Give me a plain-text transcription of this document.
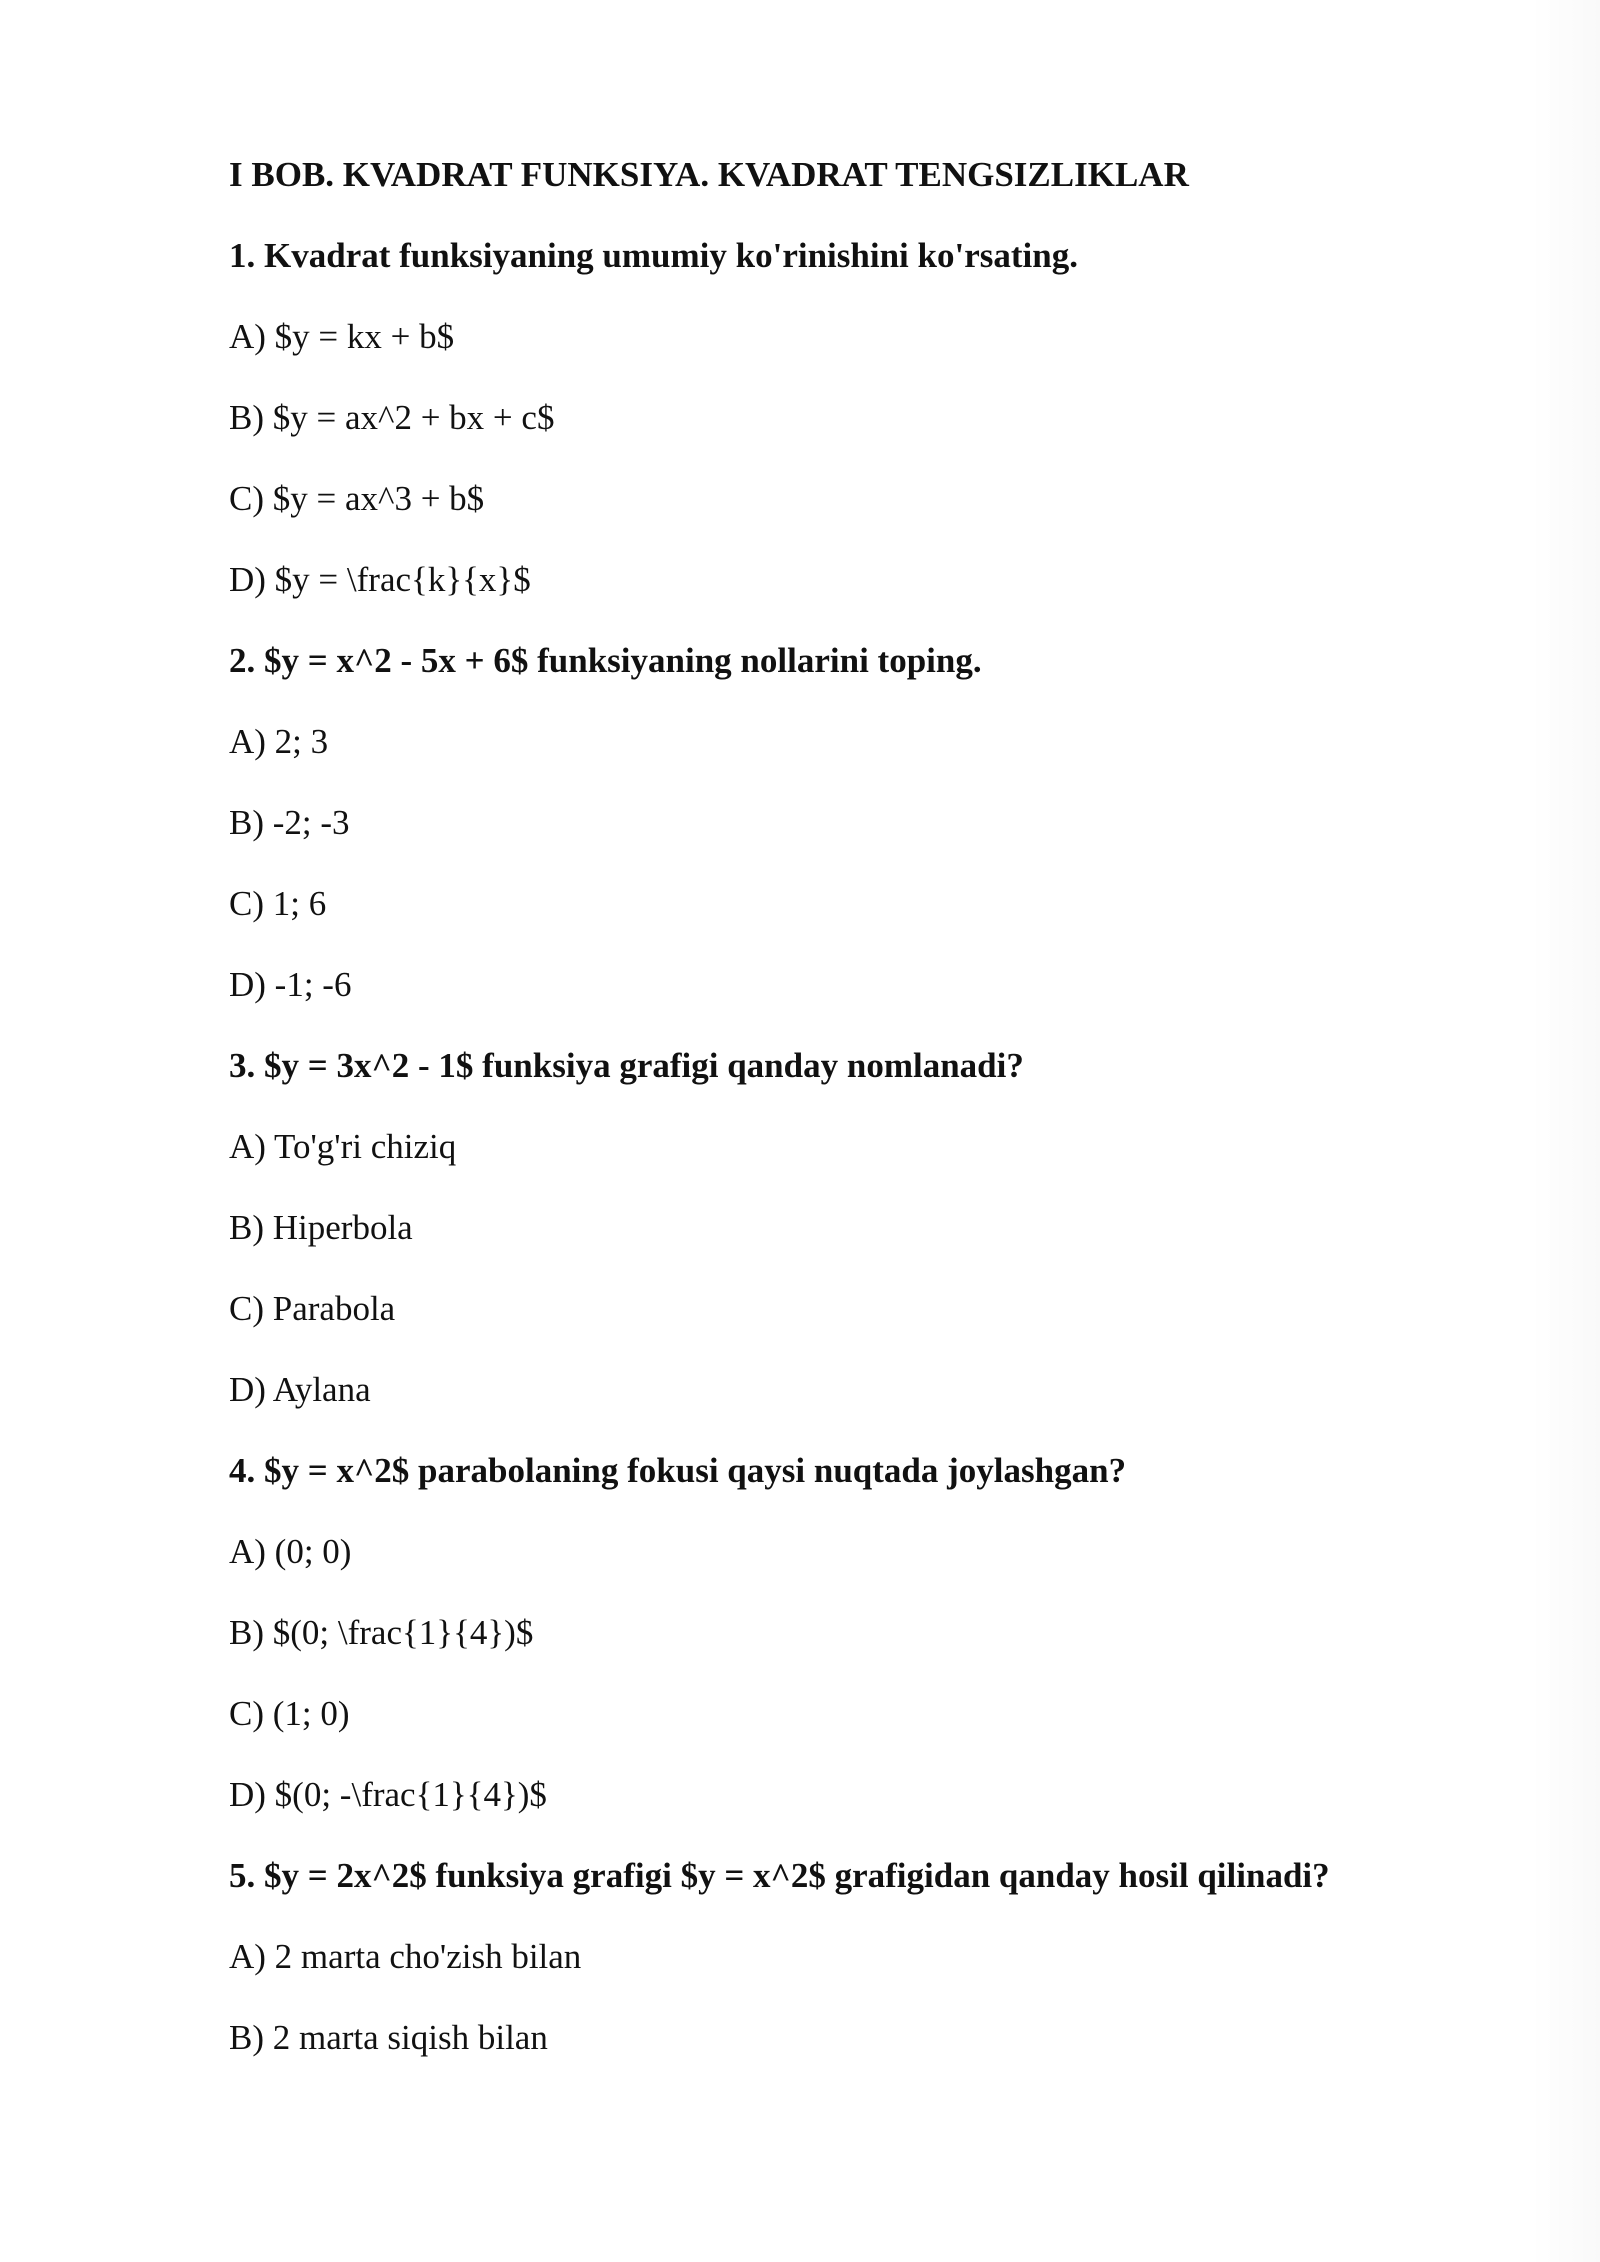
I BOB. KVADRAT FUNKSIYA. KVADRAT TENGSIZLIKLAR
1. Kvadrat funksiyaning umumiy ko'rinishini ko'rsating.
A) $y = kx + b$
B) $y = ax^2 + bx + c$
C) $y = ax^3 + b$
D) $y = \frac{k}{x}$
2. $y = x^2 - 5x + 6$ funksiyaning nollarini toping.
A) 2; 3
B) -2; -3
C) 1; 6
D) -1; -6
3. $y = 3x^2 - 1$ funksiya grafigi qanday nomlanadi?
A) To'g'ri chiziq
B) Hiperbola
C) Parabola
D) Aylana
4. $y = x^2$ parabolaning fokusi qaysi nuqtada joylashgan?
A) (0; 0)
B) $(0; \frac{1}{4})$
C) (1; 0)
D) $(0; -\frac{1}{4})$
5. $y = 2x^2$ funksiya grafigi $y = x^2$ grafigidan qanday hosil qilinadi?
A) 2 marta cho'zish bilan
B) 2 marta siqish bilan
